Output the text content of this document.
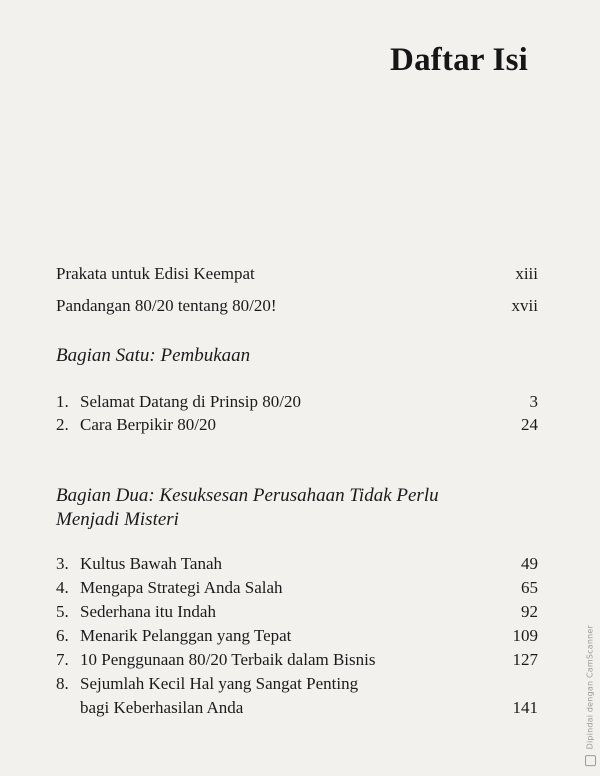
Daftar Isi
Prakata untuk Edisi Keempat	xiii
Pandangan 80/20 tentang 80/20!	xvii
Bagian Satu: Pembukaan
1. Selamat Datang di Prinsip 80/20	3
2. Cara Berpikir 80/20	24
Bagian Dua: Kesuksesan Perusahaan Tidak Perlu
Menjadi Misteri
3. Kultus Bawah Tanah	49
4. Mengapa Strategi Anda Salah	65
5. Sederhana itu Indah	92
6. Menarik Pelanggan yang Tepat	109
7. 10 Penggunaan 80/20 Terbaik dalam Bisnis	127
8. Sejumlah Kecil Hal yang Sangat Penting
bagi Keberhasilan Anda	141	Dipindai dengan CamScanner
